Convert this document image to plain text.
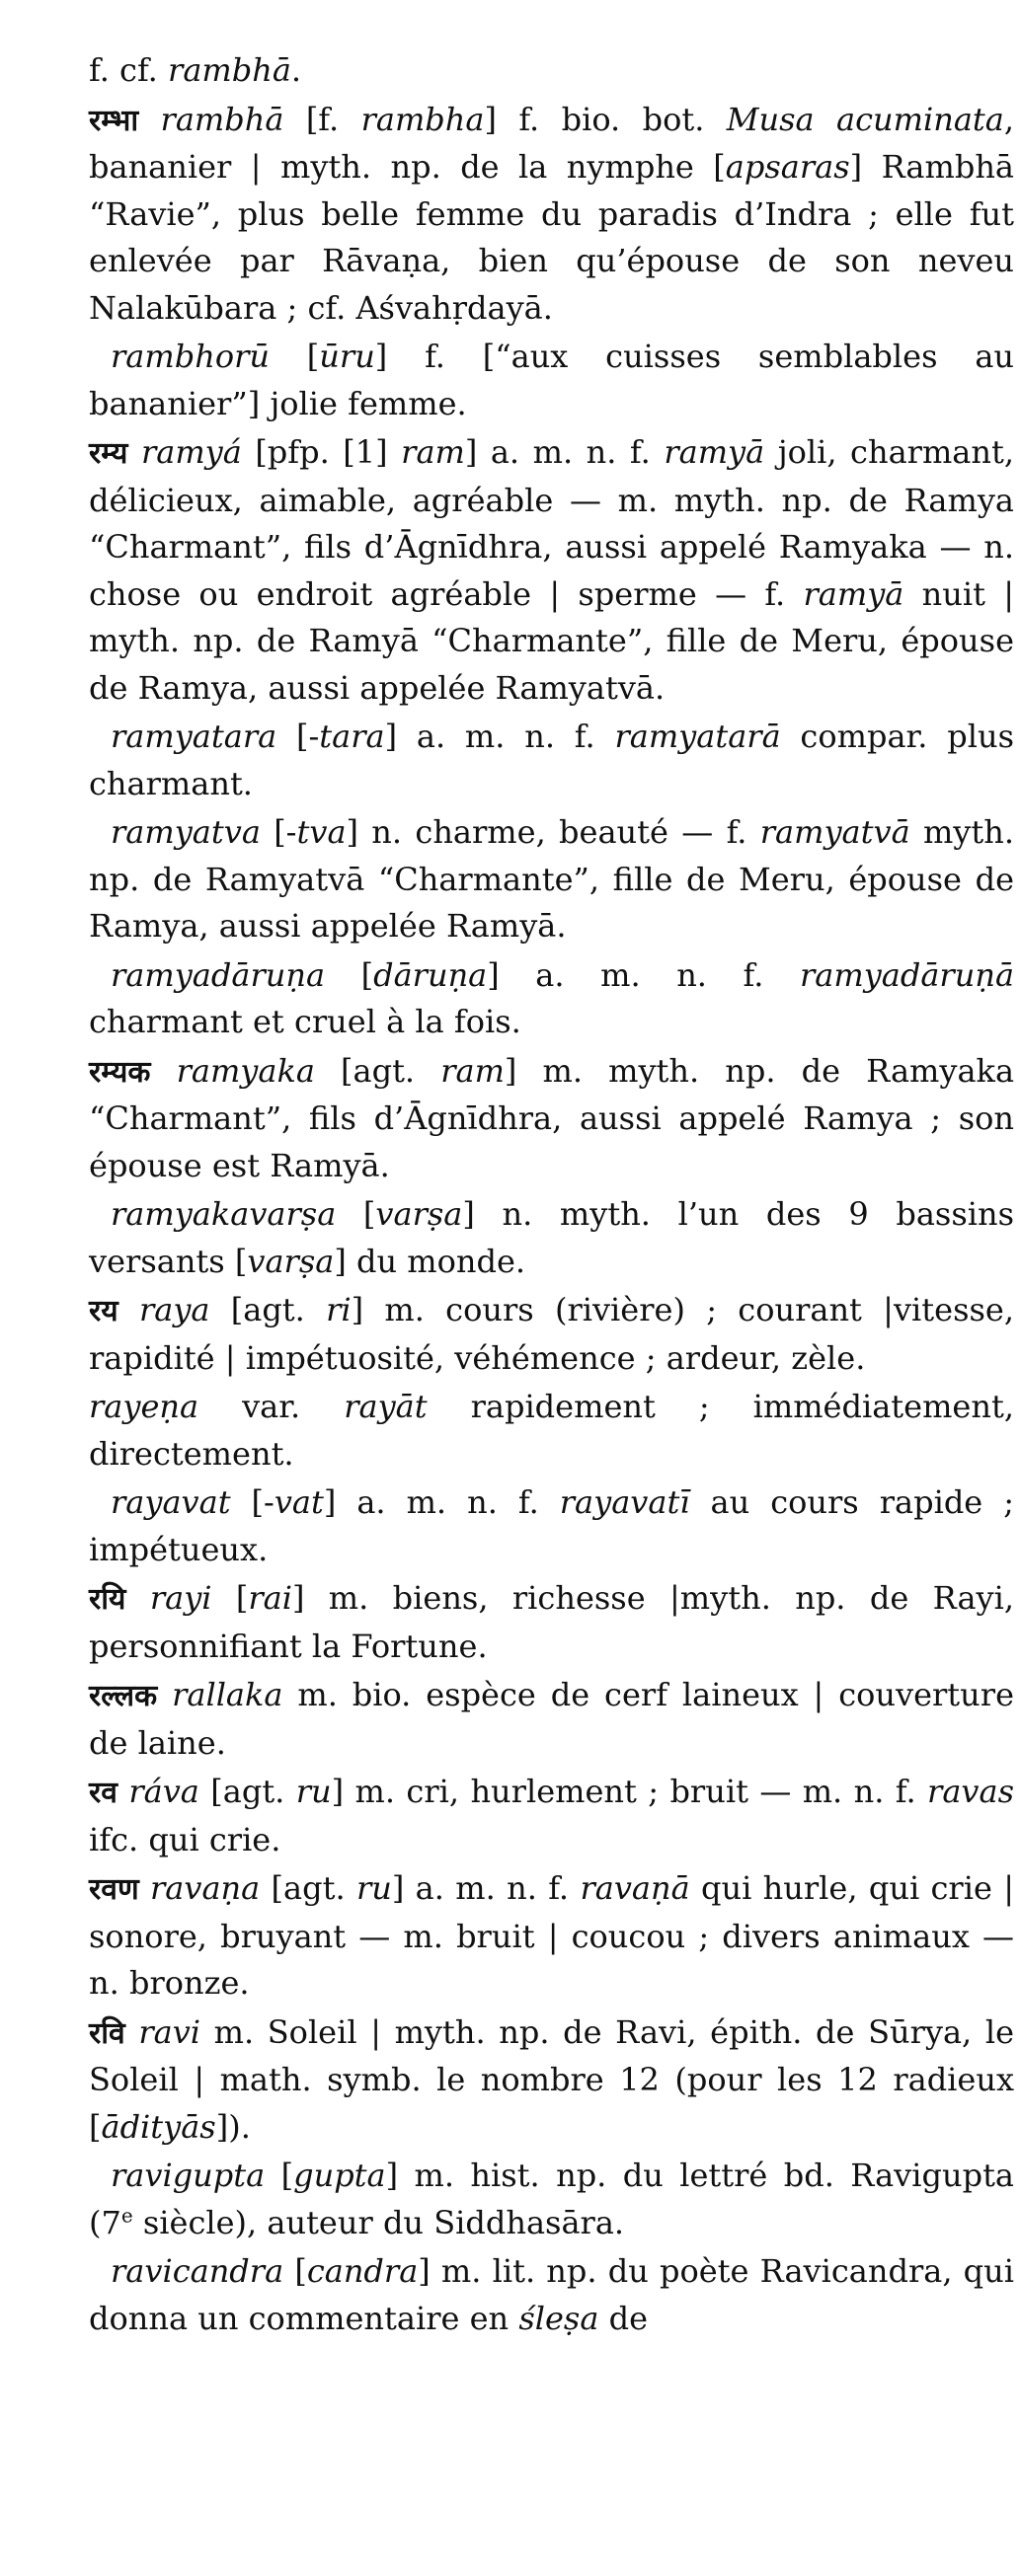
f. cf. rambhā.
रम्भा rambhā [f. rambha] f. bio. bot. Musa acuminata, bananier | myth. np. de la nymphe [apsaras] Rambhā “Ravie”, plus belle femme du paradis d’Indra ; elle fut enlevée par Rāvaṇa, bien qu’épouse de son neveu Nalakūbara ; cf. Aśvahṛdayā.
rambhorū [ūru] f. [“aux cuisses semblables au bananier”] jolie femme.
रम्य ramyá [pfp. [1] ram] a. m. n. f. ramyā joli, charmant, délicieux, aimable, agréable — m. myth. np. de Ramya “Charmant”, fils d’Āgnīdhra, aussi appelé Ramyaka — n. chose ou endroit agréable | sperme — f. ramyā nuit | myth. np. de Ramyā “Charmante”, fille de Meru, épouse de Ramya, aussi appelée Ramyatvā.
ramyatara [-tara] a. m. n. f. ramyatarā compar. plus charmant.
ramyatva [-tva] n. charme, beauté — f. ramyatvā myth. np. de Ramyatvā “Charmante”, fille de Meru, épouse de Ramya, aussi appelée Ramyā.
ramyadāruṇa [dāruṇa] a. m. n. f. ramyadāruṇā charmant et cruel à la fois.
रम्यक ramyaka [agt. ram] m. myth. np. de Ramyaka “Charmant”, fils d’Āgnīdhra, aussi appelé Ramya ; son épouse est Ramyā.
ramyakavarṣa [varṣa] n. myth. l’un des 9 bassins versants [varṣa] du monde.
रय raya [agt. ri] m. cours (rivière) ; courant |vitesse, rapidité | impétuosité, véhémence ; ardeur, zèle.
rayeṇa var. rayāt rapidement ; immédiatement, directement.
rayavat [-vat] a. m. n. f. rayavatī au cours rapide ; impétueux.
रयि rayi [rai] m. biens, richesse |myth. np. de Rayi, personnifiant la Fortune.
रल्लक rallaka m. bio. espèce de cerf laineux | couverture de laine.
रव ráva [agt. ru] m. cri, hurlement ; bruit — m. n. f. ravas ifc. qui crie.
रवण ravaṇa [agt. ru] a. m. n. f. ravaṇā qui hurle, qui crie | sonore, bruyant — m. bruit | coucou ; divers animaux — n. bronze.
रवि ravi m. Soleil | myth. np. de Ravi, épith. de Sūrya, le Soleil | math. symb. le nombre 12 (pour les 12 radieux [ādityās]).
ravigupta [gupta] m. hist. np. du lettré bd. Ravigupta (7e siècle), auteur du Siddhasāra.
ravicandra [candra] m. lit. np. du poète Ravicandra, qui donna un commentaire en śleṣa de
